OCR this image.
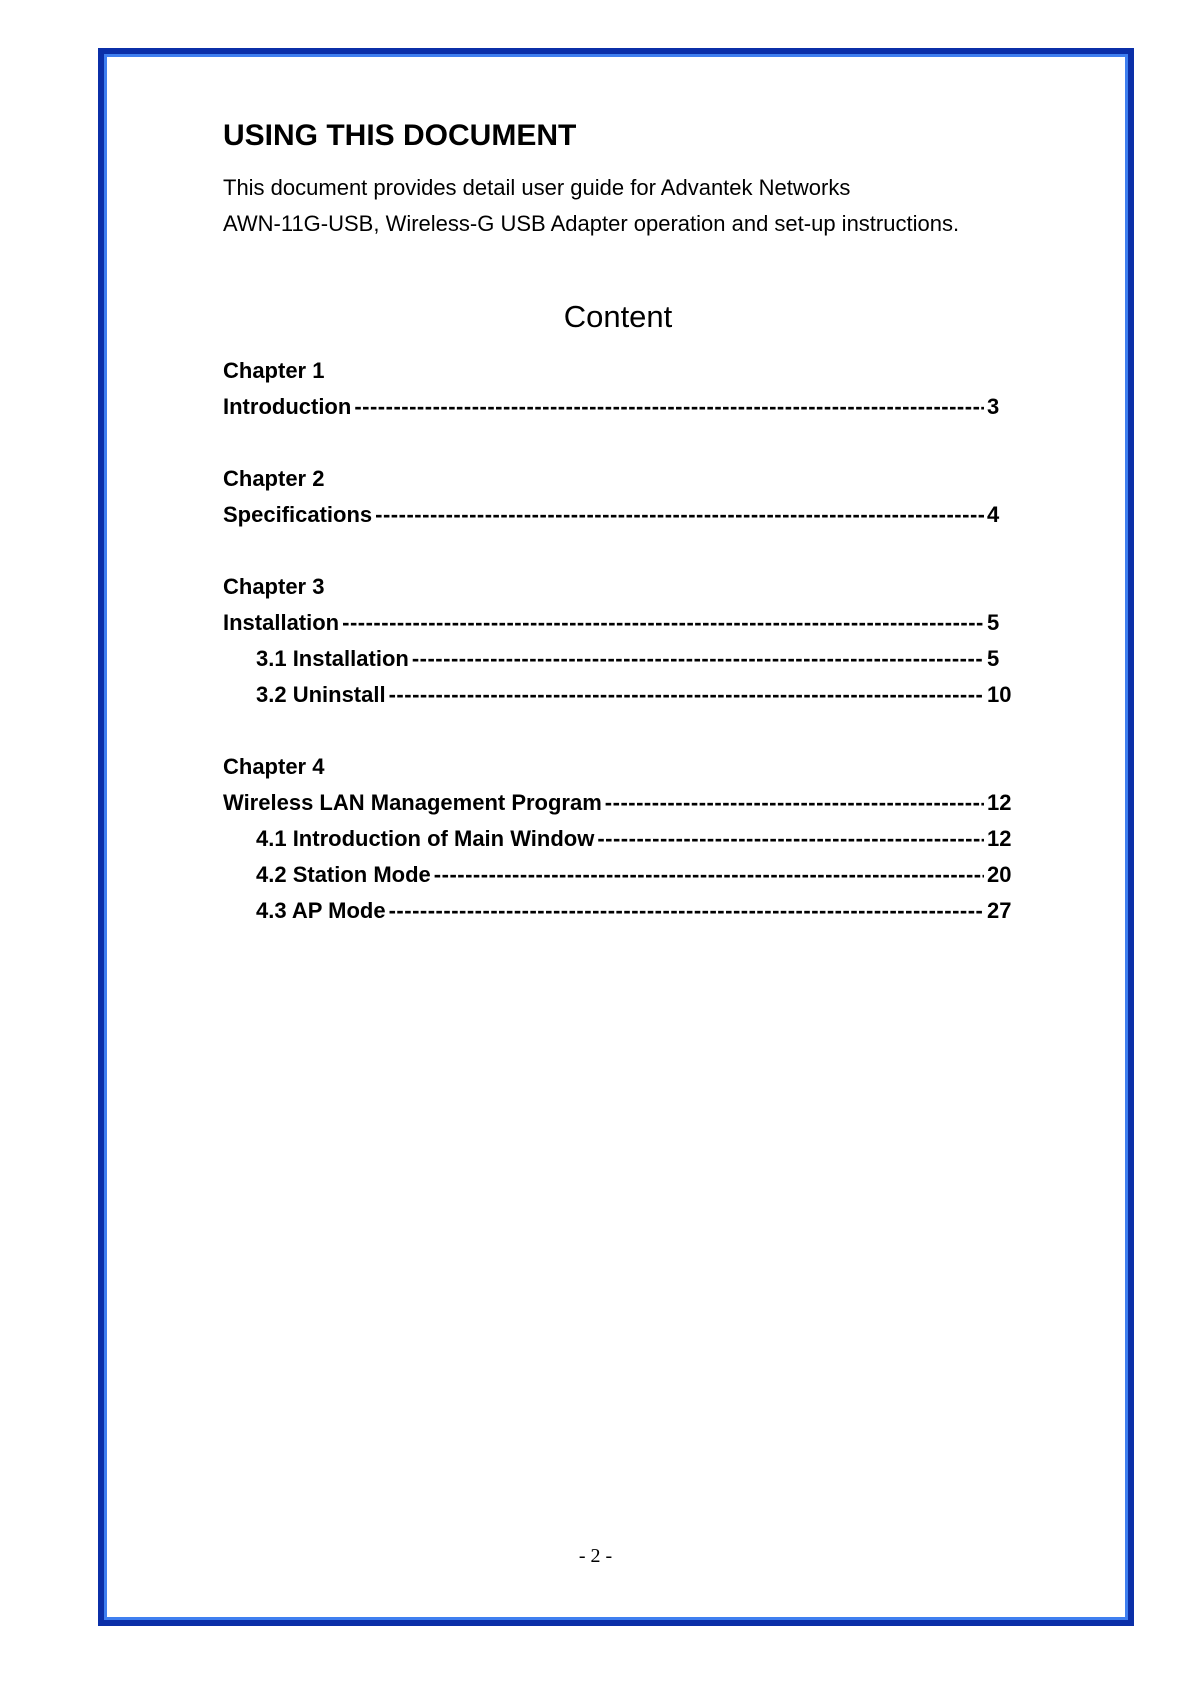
USING THIS DOCUMENT
This document provides detail user guide for Advantek Networks
AWN-11G-USB, Wireless-G USB Adapter operation and set-up instructions.
Content
Chapter 1
Introduction -----	3
Chapter 2
Specifications -----	4
Chapter 3
Installation -----	5
3.1 Installation -----	5
3.2 Uninstall -----	10
Chapter 4
Wireless LAN Management Program -----	12
4.1 Introduction of Main Window -----	12
4.2 Station Mode -----	20
4.3 AP Mode -----	27
- 2 -
